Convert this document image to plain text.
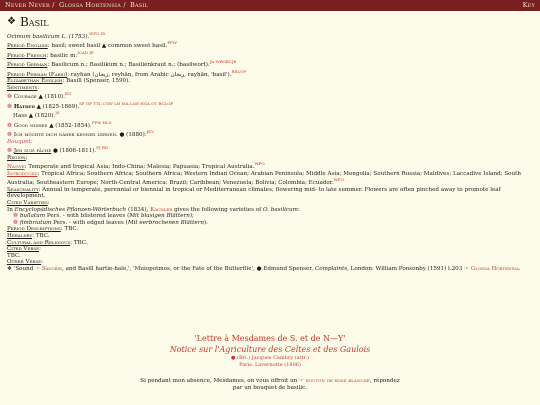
Never Never / Glossa Hortensia / Basil	Key
❖ Basil
Ocimum basilicum L. (1753).$^{WFO ID}$
Period English: basil; sweet basil ▲ common sweet basil.$^{PFW}$
Period French: basilic m.$^{JCAD JE}$
Period German: Basilicum n.; Basilikum n.; Basilienkraut n.; (basilwort).$^{JA WBGBCJE}$
Period Persian (Farsi): rayhan (ریحان, reyhān, from Arabic ريحان, rayḥān, 'basil').$^{RELOP}$
Elizabethan English: Basill (Spenser, 1590).
Sentiments:
❁ Courage ▲ (1810).$^{KG}$
❁ Hatred ▲ (1825-1869).$^{SF GF TTL CGW LH MA L\&E HGA OT RCLOF}$
Hass ▲ (1820).$^{JS}$
❁ Good wishes ▲ (1852-1854).$^{PPW HLS}$
❁ Ich möchte dich näher kennen lernen. ● (1880).$^{JKV}$
Bouquet:
❁ Jen suis fâché ● (1806-1811).$^{FJ RD}$
Region:
Native: Temperate and tropical Asia; Indo-China; Malesia; Papuasia; Tropical Australia.$^{WFO}$
Introduced: Tropical Africa; Southern Africa; Southern Africa; Western Indian Ocean; Arabian Peninsula; Middle Asia; Mongolia; Southern Russia; Maldives; Laccadive Island; South Australia; Southeastern Europe; North-Central America; Brazil; Caribbean; Venezuela; Bolivia; Colombia; Ecuador.$^{WFO}$
Seasonality: Annual in temperate, perennial or biennial in tropical or Mediterranean climates; flowering mid- to late summer. Flowers are often pinched away to promote leaf development.
Cited Varieties:
In Encyclopädisches Pflanzen-Wörterbuch (1834), Kachler gives the following varieties of O. basilicum:
❁ bullatum Pers. - with blistered leaves (Mit blasigen Blättern);
❁ fimbriatum Pers. - with edged leaves (Mit eerbrochenen Blättern).
Period Descriptions: TBC.
Heraldry: TBC.
Cultural and Religious: TBC.
Cited Verse:
TBC.
Other Verse:
❖ 'Sound ☞ Savorie, and Basill hartie-hale,', 'Muiopotmos, or the Fate of the Butterflie', ● Edmund Spenser, Complaints, London: William Ponsonby (1591) l.203 ☞ Glossa Hortensia.
'Lettre à Mesdames de S. et de N—Y'
Notice sur l'Agriculture des Celtes et des Gaulois
● (Bri.) Jacques Cambry (attr.)
Paris: Lavernotte (1806)
Si pendant mon absence, Mesdames, on vous offroit un ☞ bouton de rose blanche, répondez par un bouquet de basilic.
